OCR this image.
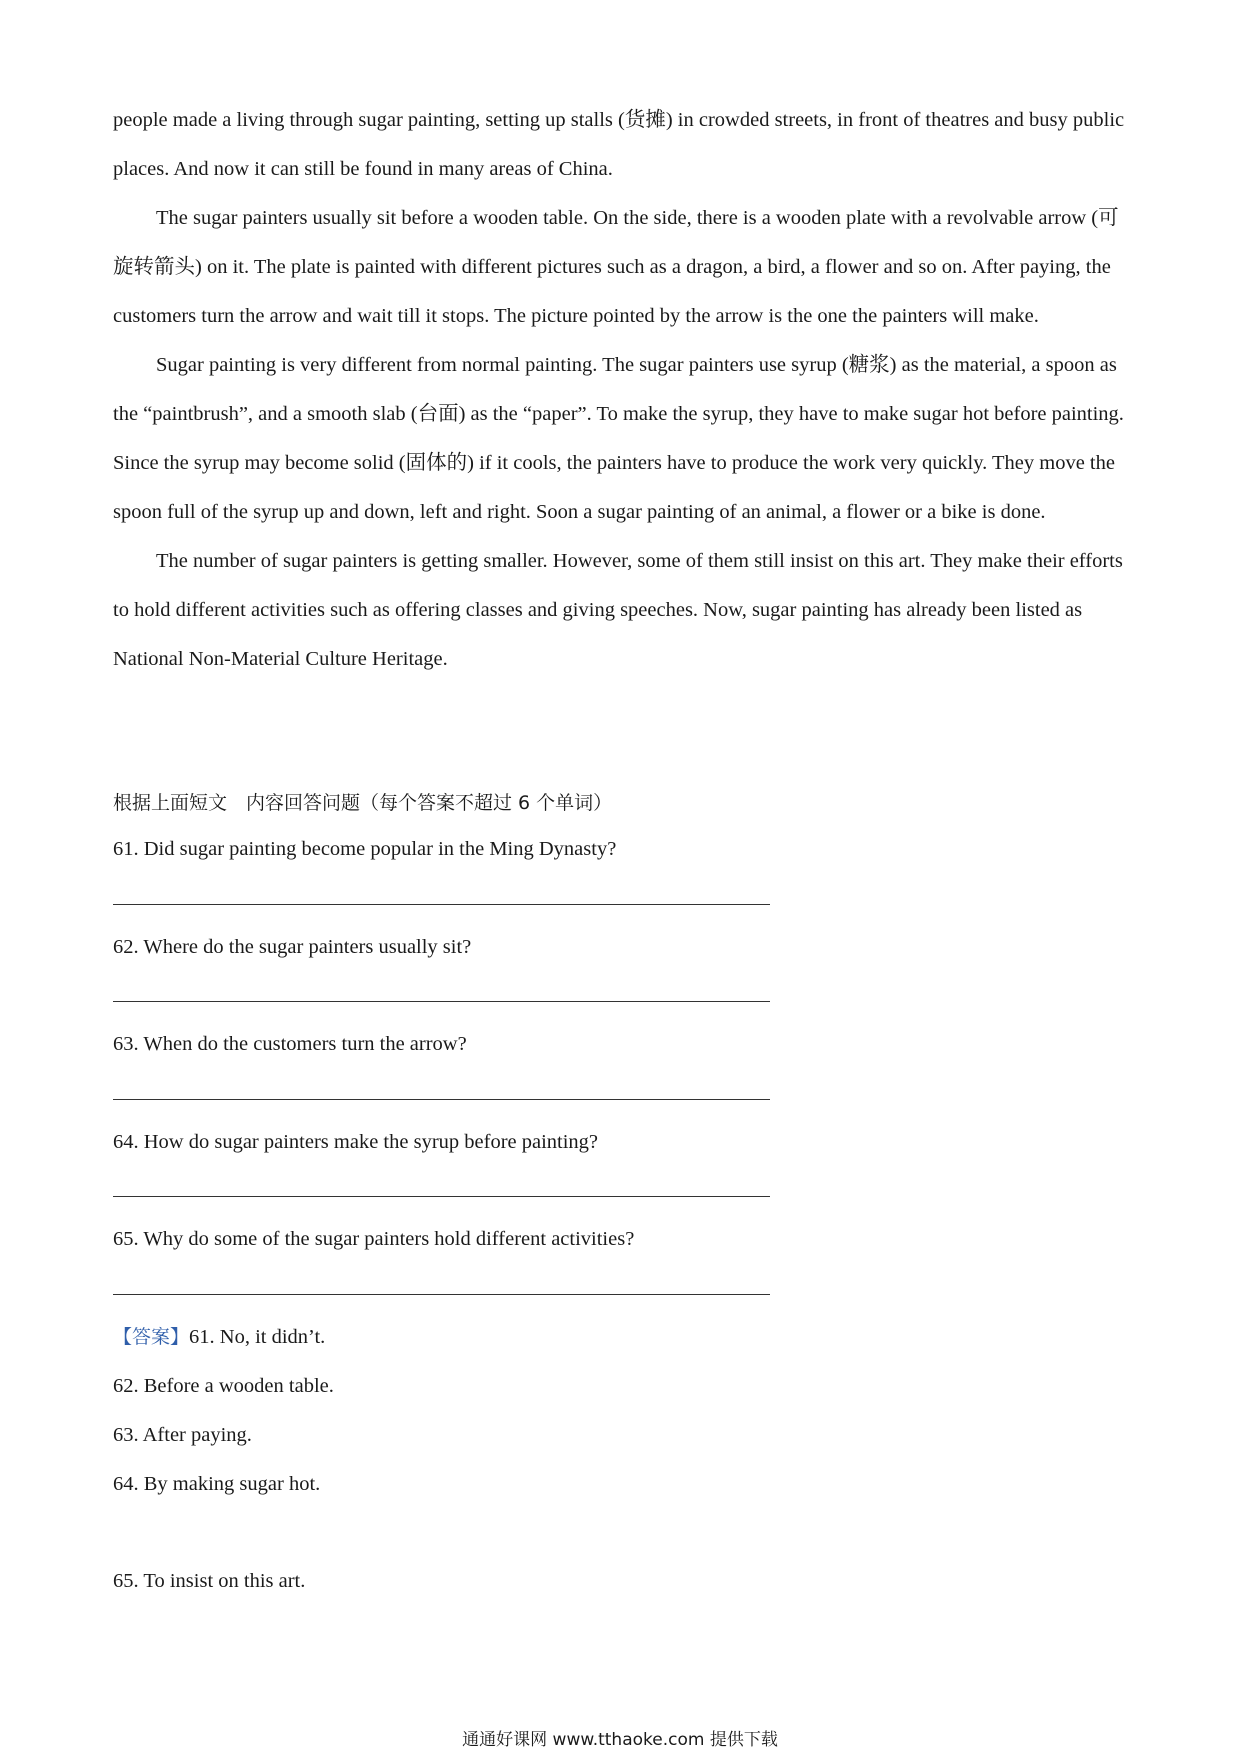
people made a living through sugar painting, setting up stalls (货摊) in crowded streets, in front of theatres and busy public places. And now it can still be found in many areas of China.

The sugar painters usually sit before a wooden table. On the side, there is a wooden plate with a revolvable arrow (可旋转箭头) on it. The plate is painted with different pictures such as a dragon, a bird, a flower and so on. After paying, the customers turn the arrow and wait till it stops. The picture pointed by the arrow is the one the painters will make.

Sugar painting is very different from normal painting. The sugar painters use syrup (糖浆) as the material, a spoon as the “paintbrush”, and a smooth slab (台面) as the “paper”. To make the syrup, they have to make sugar hot before painting. Since the syrup may become solid (固体的) if it cools, the painters have to produce the work very quickly. They move the spoon full of the syrup up and down, left and right. Soon a sugar painting of an animal, a flower or a bike is done.

The number of sugar painters is getting smaller. However, some of them still insist on this art. They make their efforts to hold different activities such as offering classes and giving speeches. Now, sugar painting has already been listed as National Non-Material Culture Heritage.

根据上面短文　内容回答问题（每个答案不超过 6 个单词）
61. Did sugar painting become popular in the Ming Dynasty?
62. Where do the sugar painters usually sit?
63. When do the customers turn the arrow?
64. How do sugar painters make the syrup before painting?
65. Why do some of the sugar painters hold different activities?
【答案】61. No, it didn’t.
62. Before a wooden table.
63. After paying.
64. By making sugar hot.
65. To insist on this art.
通通好课网 www.tthaoke.com 提供下载
